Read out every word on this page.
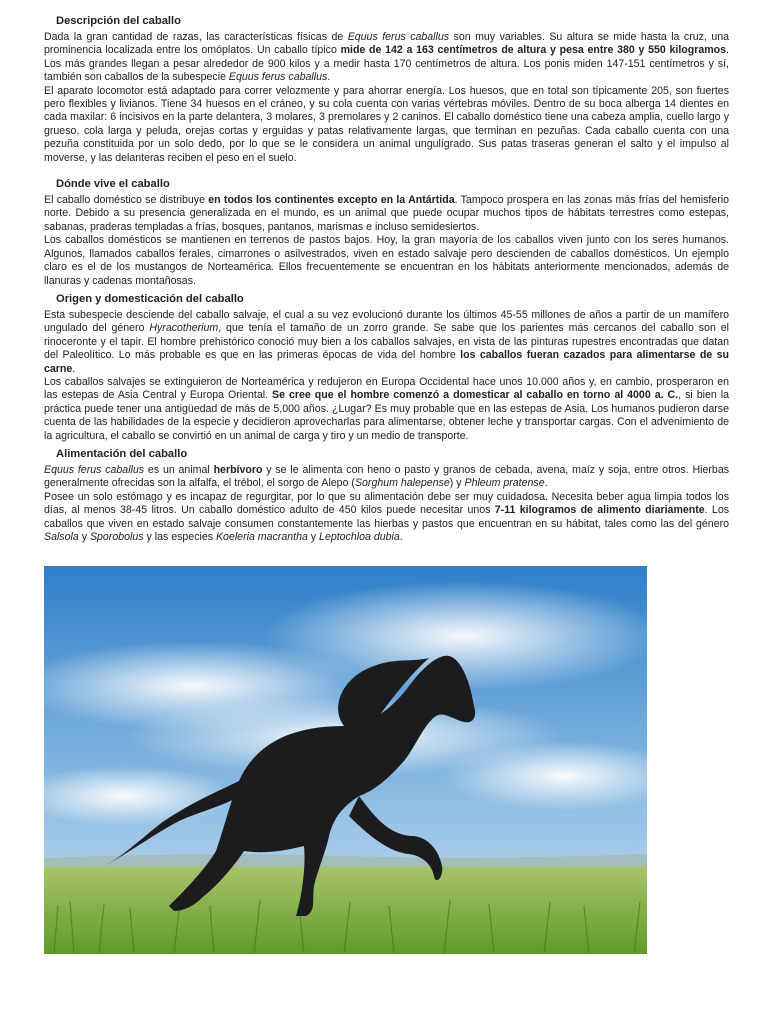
Descripción del caballo

Dada la gran cantidad de razas, las características físicas de Equus ferus caballus son muy variables. Su altura se mide hasta la cruz, una prominencia localizada entre los omóplatos. Un caballo típico mide de 142 a 163 centímetros de altura y pesa entre 380 y 550 kilogramos. Los más grandes llegan a pesar alrededor de 900 kilos y a medir hasta 170 centímetros de altura. Los ponis miden 147-151 centímetros y sí, también son caballos de la subespecie Equus ferus caballus.

El aparato locomotor está adaptado para correr velozmente y para ahorrar energía. Los huesos, que en total son típicamente 205, son fuertes pero flexibles y livianos. Tiene 34 huesos en el cráneo, y su cola cuenta con varias vértebras móviles. Dentro de su boca alberga 14 dientes en cada maxilar: 6 incisivos en la parte delantera, 3 molares, 3 premolares y 2 caninos. El caballo doméstico tiene una cabeza amplia, cuello largo y grueso, cola larga y peluda, orejas cortas y erguidas y patas relativamente largas, que terminan en pezuñas. Cada caballo cuenta con una pezuña constituida por un solo dedo, por lo que se le considera un animal ungulígrado. Sus patas traseras generan el salto y el impulso al moverse, y las delanteras reciben el peso en el suelo.

Dónde vive el caballo

El caballo doméstico se distribuye en todos los continentes excepto en la Antártida. Tampoco prospera en las zonas más frías del hemisferio norte. Debido a su presencia generalizada en el mundo, es un animal que puede ocupar muchos tipos de hábitats terrestres como estepas, sabanas, praderas templadas a frías, bosques, pantanos, marismas e incluso semidesiertos.

Los caballos domésticos se mantienen en terrenos de pastos bajos. Hoy, la gran mayoría de los caballos viven junto con los seres humanos. Algunos, llamados caballos ferales, cimarrones o asilvestrados, viven en estado salvaje pero descienden de caballos domésticos. Un ejemplo claro es el de los mustangos de Norteamérica. Ellos frecuentemente se encuentran en los hábitats anteriormente mencionados, además de llanuras y cadenas montañosas.

Origen y domesticación del caballo

Esta subespecie desciende del caballo salvaje, el cual a su vez evolucionó durante los últimos 45-55 millones de años a partir de un mamífero ungulado del género Hyracotherium, que tenía el tamaño de un zorro grande. Se sabe que los parientes más cercanos del caballo son el rinoceronte y el tapir. El hombre prehistórico conoció muy bien a los caballos salvajes, en vista de las pinturas rupestres encontradas que datan del Paleolítico. Lo más probable es que en las primeras épocas de vida del hombre los caballos fueran cazados para alimentarse de su carne.

Los caballos salvajes se extinguieron de Norteamérica y redujeron en Europa Occidental hace unos 10.000 años y, en cambio, prosperaron en las estepas de Asia Central y Europa Oriental. Se cree que el hombre comenzó a domesticar al caballo en torno al 4000 a. C., si bien la práctica puede tener una antigüedad de más de 5,000 años. ¿Lugar? Es muy probable que en las estepas de Asia. Los humanos pudieron darse cuenta de las habilidades de la especie y decidieron aprovecharlas para alimentarse, obtener leche y transportar cargas. Con el advenimiento de la agricultura, el caballo se convirtió en un animal de carga y tiro y un medio de transporte.

Alimentación del caballo

Equus ferus caballus es un animal herbívoro y se le alimenta con heno o pasto y granos de cebada, avena, maíz y soja, entre otros. Hierbas generalmente ofrecidas son la alfalfa, el trébol, el sorgo de Alepo (Sorghum halepense) y Phleum pratense.

Posee un solo estómago y es incapaz de regurgitar, por lo que su alimentación debe ser muy cuidadosa. Necesita beber agua limpia todos los días, al menos 38-45 litros. Un caballo doméstico adulto de 450 kilos puede necesitar unos 7-11 kilogramos de alimento diariamente. Los caballos que viven en estado salvaje consumen constantemente las hierbas y pastos que encuentran en su hábitat, tales como las del género Salsola y Sporobolus y las especies Koeleria macrantha y Leptochloa dubia.
